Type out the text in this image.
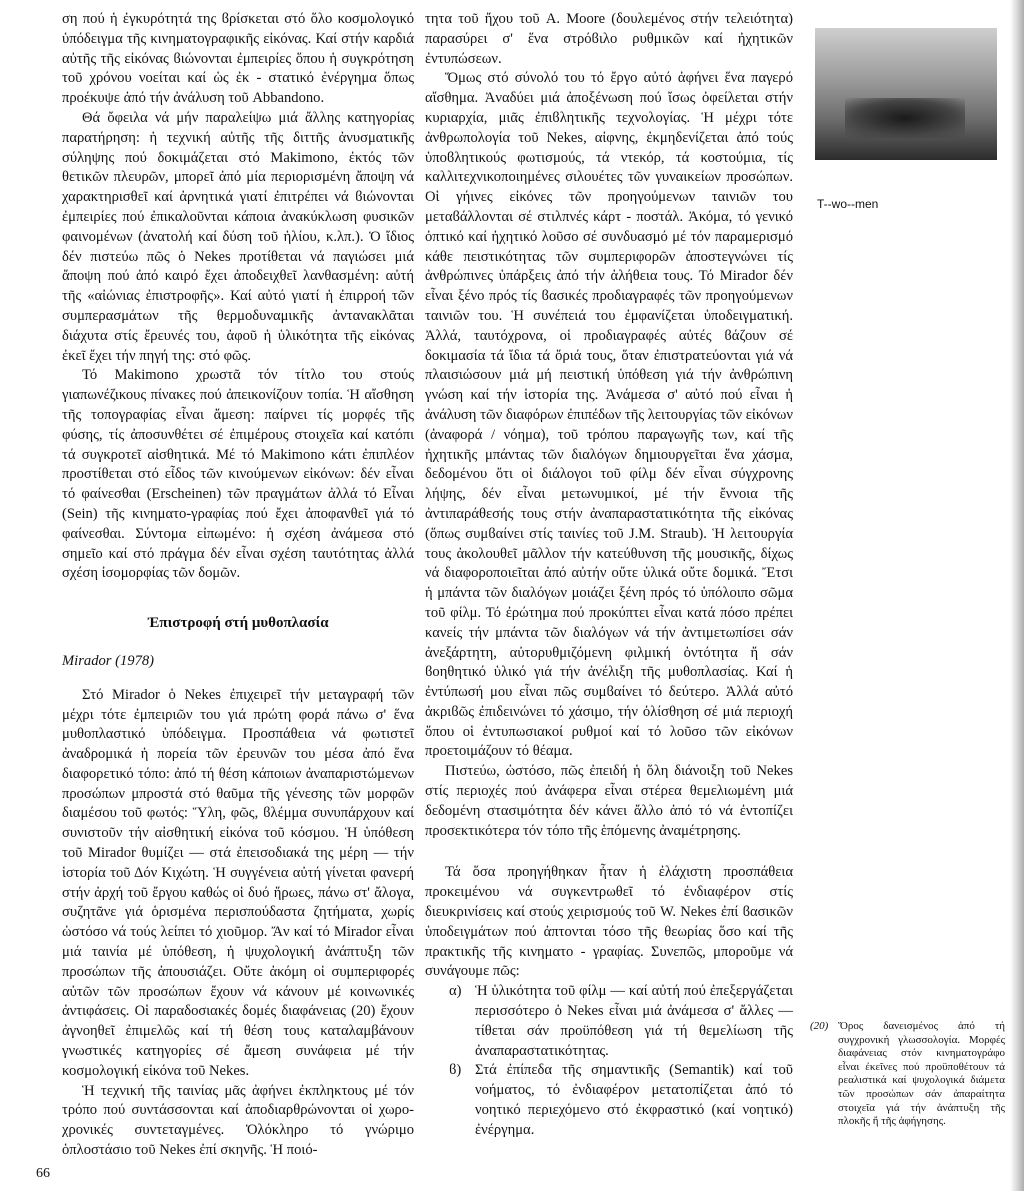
ση πού ἡ ἐγκυρότητά της ϐρίσκεται στό ὅλο κοσμολογικό ὑπόδειγμα τῆς κινηματογραφικῆς εἰκόνας. Καί στήν καρδιά αὐτῆς τῆς εἰκόνας ϐιώνονται ἐμπειρίες ὅπου ἡ συγκρότηση τοῦ χρόνου νοείται καί ὡς ἐκ - στατικό ἐνέργημα ὅπως προέκυψε ἀπό τήν ἀνάλυση τοῦ Abbandono.

Θά ὄφειλα νά μήν παραλείψω μιά ἄλλης κατηγορίας παρατήρηση: ἡ τεχνική αὐτῆς τῆς διττῆς ἀνυσματικῆς σύληψης πού δοκιμάζεται στό Makimono, ἐκτός τῶν θετικῶν πλευρῶν, μπορεῖ ἀπό μία περιορισμένη ἄποψη νά χαρακτηρισθεῖ καί ἀρνητικά γιατί ἐπιτρέπει νά ϐιώνονται ἐμπειρίες πού ἐπικαλοῦνται κάποια ἀνακύκλωση φυσικῶν φαινομένων (ἀνατολή καί δύση τοῦ ἡλίου, κ.λπ.). Ὁ ἴδιος δέν πιστεύω πῶς ὁ Nekes προτίθεται νά παγιώσει μιά ἄποψη πού ἀπό καιρό ἔχει ἀποδειχθεῖ λανθασμένη: αὐτή τῆς «αἰώνιας ἐπιστροφῆς». Καί αὐτό γιατί ἡ ἐπιρροή τῶν συμπερασμάτων τῆς θερμοδυναμικῆς ἀντανακλᾶται διάχυτα στίς ἔρευνές του, ἀφοῦ ἡ ὑλικότητα τῆς εἰκόνας ἐκεῖ ἔχει τήν πηγή της: στό φῶς.

Τό Makimono χρωστᾶ τόν τίτλο του στούς γιαπωνέζικους πίνακες πού ἀπεικονίζουν τοπία. Ἡ αἴσθηση τῆς τοπογραφίας εἶναι ἄμεση: παίρνει τίς μορφές τῆς φύσης, τίς ἀποσυνθέτει σέ ἐπιμέρους στοιχεῖα καί κατόπι τά συγκροτεῖ αἰσθητικά. Μέ τό Makimono κάτι ἐπιπλέον προστίθεται στό εἶδος τῶν κινούμενων εἰκόνων: δέν εἶναι τό φαίνεσθαι (Erscheinen) τῶν πραγμάτων ἀλλά τό Εἶναι (Sein) τῆς κινηματο-γραφίας πού ἔχει ἀποφανθεῖ γιά τό φαίνεσθαι. Σύντομα εἰπωμένο: ἡ σχέση ἀνάμεσα στό σημεῖο καί στό πράγμα δέν εἶναι σχέση ταυτότητας ἀλλά σχέση ἰσομορφίας τῶν δομῶν.

Ἐπιστροφή στή μυθοπλασία
Mirador (1978)

Στό Mirador ὁ Nekes ἐπιχειρεῖ τήν μεταγραφή τῶν μέχρι τότε ἐμπειριῶν του γιά πρώτη φορά πάνω σ' ἕνα μυθοπλαστικό ὑπόδειγμα. Προσπάθεια νά φωτιστεῖ ἀναδρομικά ἡ πορεία τῶν ἐρευνῶν του μέσα ἀπό ἕνα διαφορετικό τόπο: ἀπό τή θέση κάποιων ἀναπαριστώμενων προσώπων μπροστά στό θαῦμα τῆς γένεσης τῶν μορφῶν διαμέσου τοῦ φωτός: Ὕλη, φῶς, ϐλέμμα συνυπάρχουν καί συνιστοῦν τήν αἰσθητική εἰκόνα τοῦ κόσμου. Ἡ ὑπόθεση τοῦ Mirador θυμίζει — στά ἐπεισοδιακά της μέρη — τήν ἱστορία τοῦ Δόν Κιχώτη. Ἡ συγγένεια αὐτή γίνεται φανερή στήν ἀρχή τοῦ ἔργου καθώς οἱ δυό ἥρωες, πάνω στ' ἄλογα, συζητᾶνε γιά ὁρισμένα περισπούδαστα ζητήματα, χωρίς ὡστόσο νά τούς λείπει τό χιοῦμορ. Ἄν καί τό Mirador εἶναι μιά ταινία μέ ὑπόθεση, ἡ ψυχολογική ἀνάπτυξη τῶν προσώπων τῆς ἀπουσιάζει. Οὔτε ἀκόμη οἱ συμπεριφορές αὐτῶν τῶν προσώπων ἔχουν νά κάνουν μέ κοινωνικές ἀντιφάσεις. Οἱ παραδοσιακές δομές διαφάνειας (20) ἔχουν ἀγνοηθεῖ ἐπιμελῶς καί τή θέση τους καταλαμβάνουν γνωστικές κατηγορίες σέ ἄμεση συνάφεια μέ τήν κοσμολογική εἰκόνα τοῦ Nekes.

Ἡ τεχνική τῆς ταινίας μᾶς ἀφήνει ἐκπληκτους μέ τόν τρόπο πού συντάσσονται καί ἀποδιαρθρώνονται οἱ χωρο-χρονικές συντεταγμένες. Ὁλόκληρο τό γνώριμο ὁπλοστάσιο τοῦ Nekes ἐπί σκηνῆς. Ἡ ποιό-

τητα τοῦ ἤχου τοῦ A. Moore (δουλεμένος στήν τελειότητα) παρασύρει σ' ἕνα στρόϐιλο ρυθμικῶν καί ἠχητικῶν ἐντυπώσεων.

Ὅμως στό σύνολό του τό ἔργο αὐτό ἀφήνει ἕνα παγερό αἴσθημα. Ἀναδύει μιά ἀποξένωση πού ἴσως ὀφείλεται στήν κυριαρχία, μιᾶς ἐπιϐλητικῆς τεχνολογίας. Ἡ μέχρι τότε ἀνθρωπολογία τοῦ Nekes, αἰφνης, ἐκμηδενίζεται ἀπό τούς ὑποϐλητικούς φωτισμούς, τά ντεκόρ, τά κοστούμια, τίς καλλιτεχνικοποιημένες σιλουέτες τῶν γυναικείων προσώπων. Οἱ γήινες εἰκόνες τῶν προηγούμενων ταινιῶν του μεταϐάλλονται σέ στιλπνές κάρτ - ποστάλ. Ἀκόμα, τό γενικό ὀπτικό καί ἠχητικό λοῦσο σέ συνδυασμό μέ τόν παραμερισμό κάθε πειστικότητας τῶν συμπεριφορῶν ἀποστεγνώνει τίς ἀνθρώπινες ὑπάρξεις ἀπό τήν ἀλήθεια τους. Τό Mirador δέν εἶναι ξένο πρός τίς ϐασικές προδιαγραφές τῶν προηγούμενων ταινιῶν του. Ἡ συνέπειά του ἐμφανίζεται ὑποδειγματική. Ἀλλά, ταυτόχρονα, οἱ προδιαγραφές αὐτές ϐάζουν σέ δοκιμασία τά ἴδια τά ὅριά τους, ὅταν ἐπιστρατεύονται γιά νά πλαισιώσουν μιά μή πειστική ὑπόθεση γιά τήν ἀνθρώπινη γνώση καί τήν ἱστορία της. Ἀνάμεσα σ' αὐτό πού εἶναι ἡ ἀνάλυση τῶν διαφόρων ἐπιπέδων τῆς λειτουργίας τῶν εἰκόνων (ἀναφορά / νόημα), τοῦ τρόπου παραγωγῆς των, καί τῆς ἠχητικῆς μπάντας τῶν διαλόγων δημιουργεῖται ἕνα χάσμα, δεδομένου ὅτι οἱ διάλογοι τοῦ φίλμ δέν εἶναι σύγχρονης λήψης, δέν εἶναι μετωνυμικοί, μέ τήν ἔννοια τῆς ἀντιπαράθεσής τους στήν ἀναπαραστατικότητα τῆς εἰκόνας (ὅπως συμϐαίνει στίς ταινίες τοῦ J.M. Straub). Ἡ λειτουργία τους ἀκολουθεῖ μᾶλλον τήν κατεύθυνση τῆς μουσικῆς, δίχως νά διαφοροποιεῖται ἀπό αὐτήν οὔτε ὑλικά οὔτε δομικά. Ἔτσι ἡ μπάντα τῶν διαλόγων μοιάζει ξένη πρός τό ὑπόλοιπο σῶμα τοῦ φίλμ. Τό ἐρώτημα πού προκύπτει εἶναι κατά πόσο πρέπει κανείς τήν μπάντα τῶν διαλόγων νά τήν ἀντιμετωπίσει σάν ἀνεξάρτητη, αὐτορυθμιζόμενη φιλμική ὀντότητα ἤ σάν ϐοηθητικό ὑλικό γιά τήν ἀνέλιξη τῆς μυθοπλασίας. Καί ἡ ἐντύπωσή μου εἶναι πῶς συμϐαίνει τό δεύτερο. Ἀλλά αὐτό ἀκριϐῶς ἐπιδεινώνει τό χάσιμο, τήν ὀλίσθηση σέ μιά περιοχή ὅπου οἱ ἐντυπωσιακοί ρυθμοί καί τό λοῦσο τῶν εἰκόνων προετοιμάζουν τό θέαμα.

Πιστεύω, ὡστόσο, πῶς ἐπειδή ἡ ὅλη διάνοιξη τοῦ Nekes στίς περιοχές πού ἀνάφερα εἶναι στέρεα θεμελιωμένη μιά δεδομένη στασιμότητα δέν κάνει ἄλλο ἀπό τό νά ἐντοπίζει προσεκτικότερα τόν τόπο τῆς ἑπόμενης ἀναμέτρησης.

Τά ὅσα προηγήθηκαν ἦταν ἡ ἐλάχιστη προσπάθεια προκειμένου νά συγκεντρωθεῖ τό ἐνδιαφέρον στίς διευκρινίσεις καί στούς χειρισμούς τοῦ W. Nekes ἐπί ϐασικῶν ὑποδειγμάτων πού ἀπτονται τόσο τῆς θεωρίας ὅσο καί τῆς πρακτικῆς τῆς κινηματο - γραφίας. Συνεπῶς, μποροῦμε νά συνάγουμε πῶς:

α) Ἡ ὑλικότητα τοῦ φίλμ — καί αὐτή πού ἐπεξεργάζεται περισσότερο ὁ Nekes εἶναι μιά ἀνάμεσα σ' ἄλλες — τίθεται σάν προϋπόθεση γιά τή θεμελίωση τῆς ἀναπαραστατικότητας.
ϐ) Στά ἐπίπεδα τῆς σημαντικῆς (Semantik) καί τοῦ νοήματος, τό ἐνδιαφέρον μετατοπίζεται ἀπό τό νοητικό περιεχόμενο στό ἐκφραστικό (καί νοητικό) ἐνέργημα.
T--wo--men
(20) Ὅρος δανεισμένος ἀπό τή συγχρονική γλωσσολογία. Μορφές διαφάνειας στόν κινηματογράφο εἶναι ἐκεῖνες πού προϋποθέτουν τά ρεαλιστικά καί ψυχολογικά διάμετα τῶν προσώπων σάν ἀπαραίτητα στοιχεῖα γιά τήν ἀνάπτυξη τῆς πλοκῆς ἤ τῆς ἀφήγησης.
66
